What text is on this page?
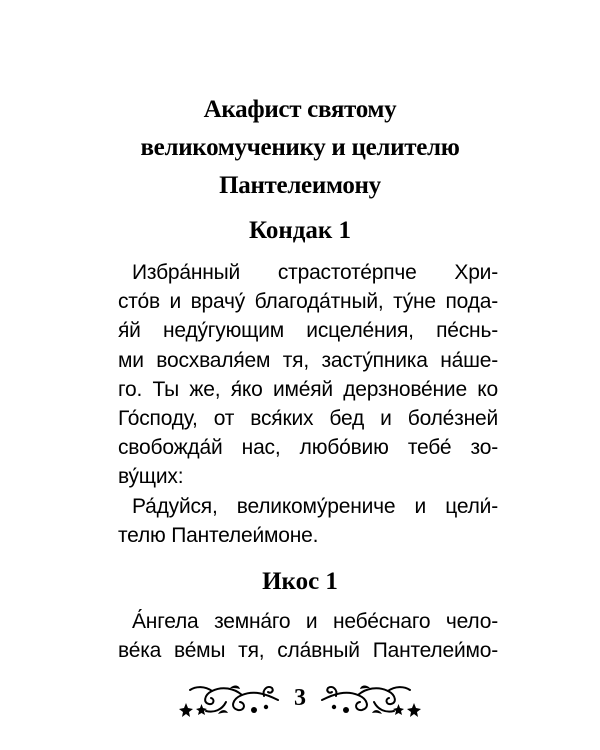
Акафист святому
великомученику и целителю
Пантелеимону
Кондак 1
Избра́нный страстоте́рпче Хри-
сто́в и врачу́ благода́тный, ту́не пода-
я́й неду́гующим исцеле́ния, пе́снь-
ми восхваля́ем тя, засту́пника на́ше-
го. Ты же, я́ко име́яй дерзнове́ние ко
Го́споду, от вся́ких бед и боле́зней
свобожда́й нас, любо́вию тебе́ зо-
ву́щих:
Ра́дуйся, великому́рениче и цели́-
телю Пантелеи́моне.
Икос 1
А́нгела земна́го и небе́снаго чело-
ве́ка ве́мы тя, сла́вный Пантелеи́мо-
3
